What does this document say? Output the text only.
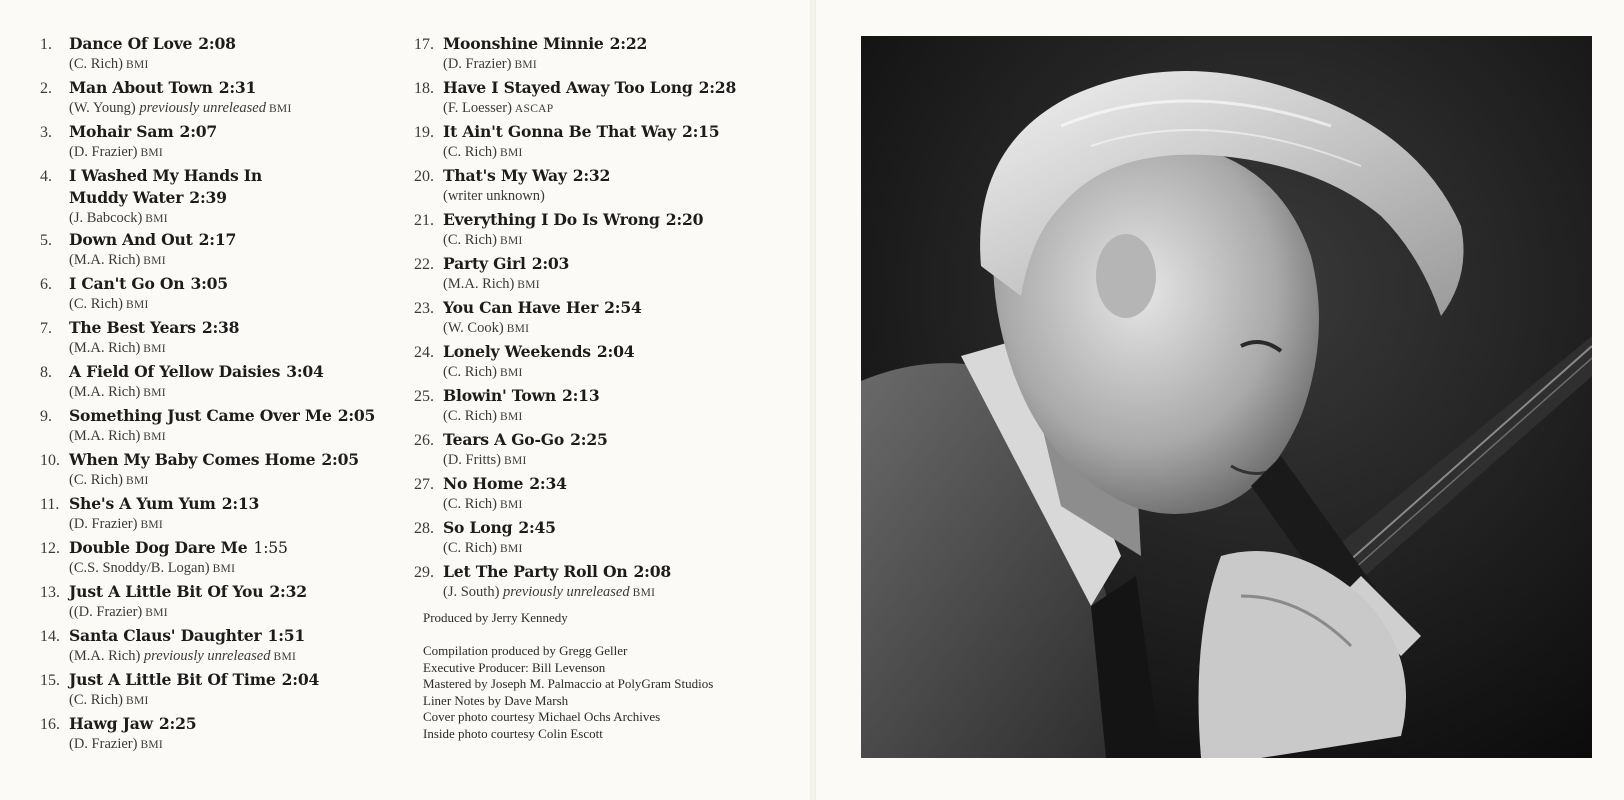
1.	Dance Of Love 2:08
(C. Rich) BMI
2.	Man About Town 2:31
(W. Young) previously unreleased BMI
3.	Mohair Sam 2:07
(D. Frazier) BMI
4.	I Washed My Hands In
Muddy Water 2:39
(J. Babcock) BMI
5.	Down And Out 2:17
(M.A. Rich) BMI
6.	I Can't Go On 3:05
(C. Rich) BMI
7.	The Best Years 2:38
(M.A. Rich) BMI
8.	A Field Of Yellow Daisies 3:04
(M.A. Rich) BMI
9.	Something Just Came Over Me 2:05
(M.A. Rich) BMI
10. When My Baby Comes Home 2:05
(C. Rich) BMI
11. She's A Yum Yum 2:13
(D. Frazier) BMI
12. Double Dog Dare Me 1:55
(C.S. Snoddy/B. Logan) BMI
13. Just A Little Bit Of You 2:32
((D. Frazier) BMI
14. Santa Claus' Daughter 1:51
(M.A. Rich) previously unreleased BMI
15. Just A Little Bit Of Time 2:04
(C. Rich) BMI
16. Hawg Jaw 2:25
(D. Frazier) BMI
17. Moonshine Minnie 2:22
(D. Frazier) BMI
18. Have I Stayed Away Too Long 2:28
(F. Loesser) ASCAP
19. It Ain't Gonna Be That Way 2:15
(C. Rich) BMI
20. That's My Way 2:32
(writer unknown)
21. Everything I Do Is Wrong 2:20
(C. Rich) BMI
22. Party Girl 2:03
(M.A. Rich) BMI
23. You Can Have Her 2:54
(W. Cook) BMI
24. Lonely Weekends 2:04
(C. Rich) BMI
25. Blowin' Town 2:13
(C. Rich) BMI
26. Tears A Go-Go 2:25
(D. Fritts) BMI
27. No Home 2:34
(C. Rich) BMI
28. So Long 2:45
(C. Rich) BMI
29. Let The Party Roll On 2:08
(J. South) previously unreleased BMI
Produced by Jerry Kennedy
Compilation produced by Gregg Geller
Executive Producer: Bill Levenson
Mastered by Joseph M. Palmaccio at PolyGram Studios
Liner Notes by Dave Marsh
Cover photo courtesy Michael Ochs Archives
Inside photo courtesy Colin Escott
